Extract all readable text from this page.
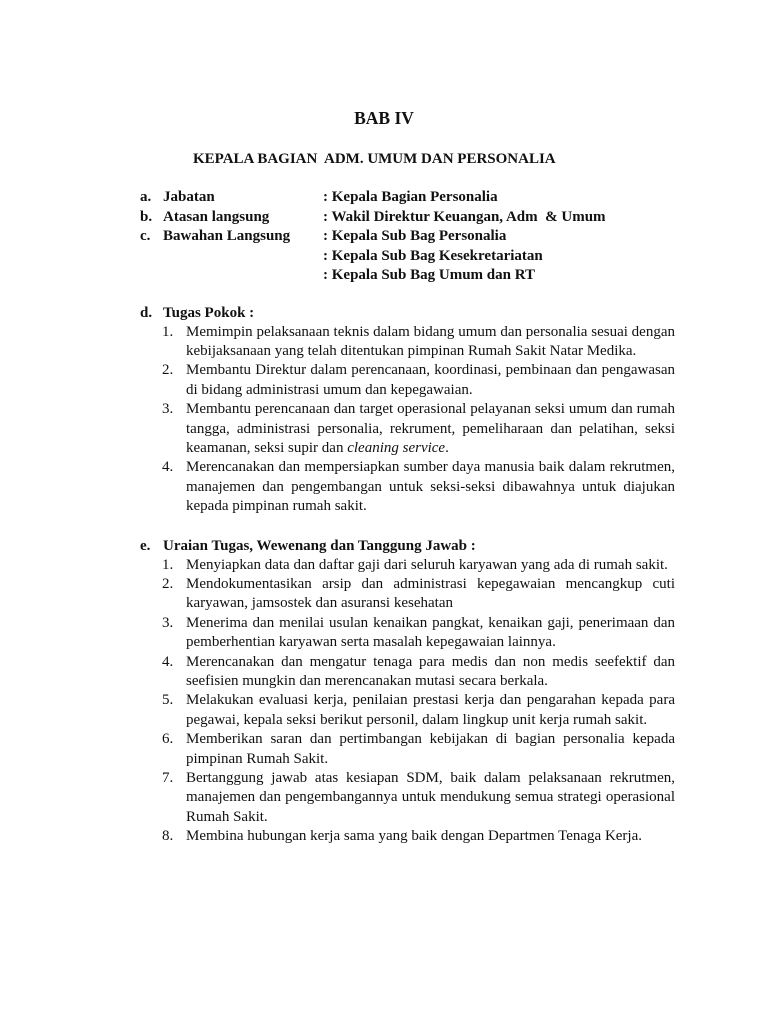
BAB IV
KEPALA BAGIAN  ADM. UMUM DAN PERSONALIA

a.

Jabatan

	: Kepala Bagian Personalia

b.

Atasan langsung

	: Wakil Direktur Keuangan, Adm  & Umum

c.

Bawahan Langsung

: Kepala Sub Bag Personalia

: Kepala Sub Bag Kesekretariatan

: Kepala Sub Bag Umum dan RT

d. Tugas Pokok :
1. Memimpin pelaksanaan teknis dalam bidang umum dan personalia sesuai dengan kebijaksanaan yang telah ditentukan pimpinan Rumah Sakit Natar Medika.
2. Membantu Direktur dalam perencanaan, koordinasi, pembinaan dan pengawasan di bidang administrasi umum dan kepegawaian.
3. Membantu perencanaan dan target operasional pelayanan seksi umum dan rumah tangga, administrasi personalia, rekrument, pemeliharaan dan pelatihan, seksi keamanan, seksi supir dan cleaning service.
4. Merencanakan dan mempersiapkan sumber daya manusia baik dalam rekrutmen, manajemen dan pengembangan untuk seksi-seksi dibawahnya untuk diajukan kepada pimpinan rumah sakit.
e. Uraian Tugas, Wewenang dan Tanggung Jawab :
1. Menyiapkan data dan daftar gaji dari seluruh karyawan yang ada di rumah sakit.
2. Mendokumentasikan arsip dan administrasi kepegawaian mencangkup cuti karyawan, jamsostek dan asuransi kesehatan
3. Menerima dan menilai usulan kenaikan pangkat, kenaikan gaji, penerimaan dan pemberhentian karyawan serta masalah kepegawaian lainnya.
4. Merencanakan dan mengatur tenaga para medis dan non medis seefektif dan seefisien mungkin dan merencanakan mutasi secara berkala.
5. Melakukan evaluasi kerja, penilaian prestasi kerja dan pengarahan kepada para pegawai, kepala seksi berikut personil, dalam lingkup unit kerja rumah sakit.
6. Memberikan saran dan pertimbangan kebijakan di bagian personalia kepada pimpinan Rumah Sakit.
7. Bertanggung jawab atas kesiapan SDM, baik dalam pelaksanaan rekrutmen, manajemen dan pengembangannya untuk mendukung semua strategi operasional Rumah Sakit.
8. Membina hubungan kerja sama yang baik dengan Departmen Tenaga Kerja.
